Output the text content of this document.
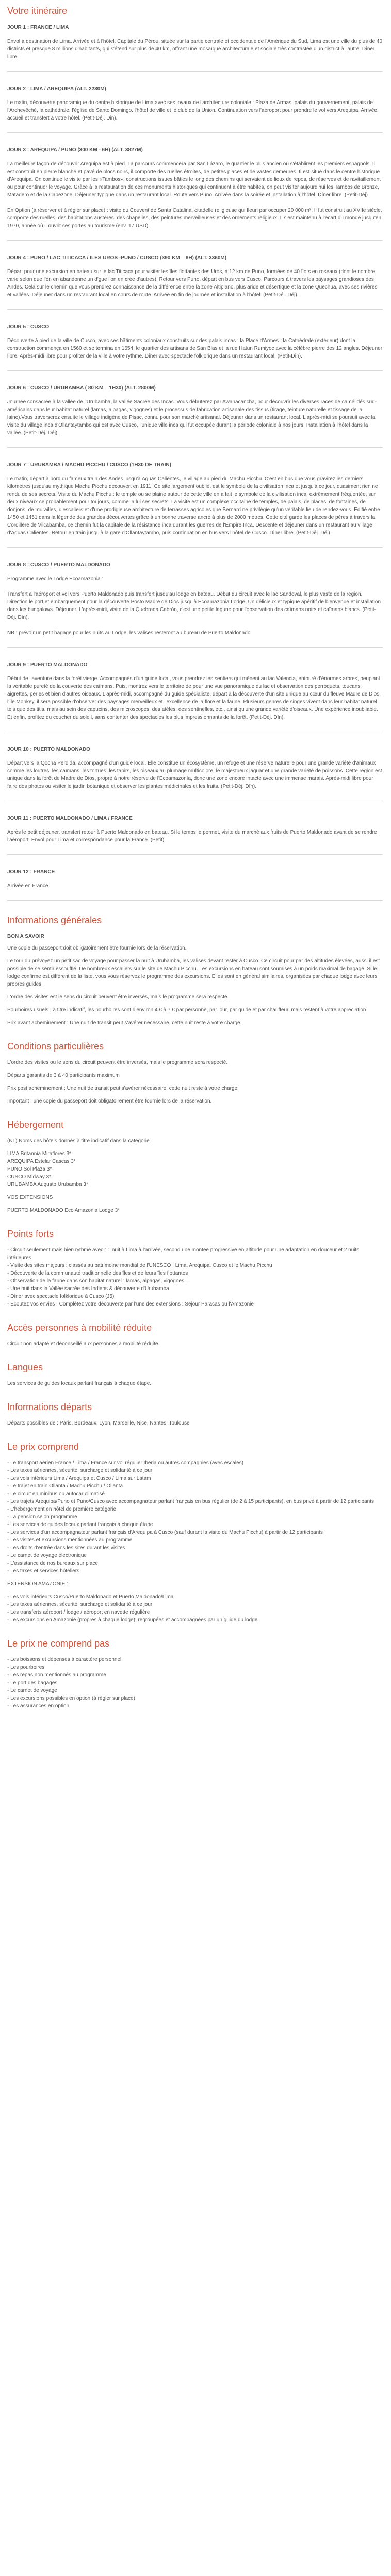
Votre itinéraire
JOUR 1 : FRANCE / LIMA
Envol à destination de Lima. Arrivée et à l'hôtel. Capitale du Pérou, située sur la partie centrale et occidentale de l'Amérique du Sud, Lima est une ville du plus de 40 districts et presque 8 millions d'habitants, qui s'étend sur plus de 40 km, offrant une mosaïque architecturale et sociale très contrastée d'un district à l'autre. Dîner libre.
JOUR 2 : LIMA / AREQUIPA (ALT. 2230M)
Le matin, découverte panoramique du centre historique de Lima avec ses joyaux de l'architecture coloniale : Plaza de Armas, palais du gouvernement, palais de l'Archevêché, la cathédrale, l'église de Santo Domingo. l'hôtel de ville et le club de la Union. Continuation vers l'aéroport pour prendre le vol vers Arequipa. Arrivée, accueil et transfert à votre hôtel. (Petit-Déj. Din).
JOUR 3 : AREQUIPA / PUNO (300 KM - 6H) (ALT. 3827M)
La meilleure façon de découvrir Arequipa est à pied. La parcours commencera par San Lázaro, le quartier le plus ancien où s'établirent les premiers espagnols. Il est construit en pierre blanche et pavé de blocs noirs, il comporte des ruelles étroites, de petites places et de vastes demeures. Il est situé dans le centre historique d'Arequipa. On continue le visite par les «Tambos», constructions issues bâties le long des chemins qui servaient de lieux de repos, de réserves et de ravitaillement ou pour continuer le voyage. Grâce à la restauration de ces monuments historiques qui continuent à être habités, on peut visiter aujourd'hui les Tambos de Bronze, Matadero et de la Cabezone. Déjeuner typique dans un restaurant local. Route vers Puno. Arrivée dans la soirée et installation à l'hôtel. Dîner libre. (Petit-Déj)

En Option (à réserver et à régler sur place) : visite du Couvent de Santa Catalina, citadelle religieuse qui fleuri par occuper 20 000 m². Il fut construit au XVIIe siècle, comporte des ruelles, des habitations austères, des chapelles, des peintures merveilleuses et des ornements religieux. Il s'est maintenu à l'écart du monde jusqu'en 1970, année où il ouvrit ses portes au tourisme (env. 17 USD).
JOUR 4 : PUNO / LAC TITICACA / ILES UROS -PUNO / CUSCO (390 KM – 8H) (ALT. 3360M)
Départ pour une excursion en bateau sur le lac Titicaca pour visiter les îles flottantes des Uros, à 12 km de Puno, formées de 40 îlots en roseaux (dont le nombre varie selon que l'on en abandonne un d'gue l'on en crée d'autres). Retour vers Puno, départ en bus vers Cusco. Parcours à travers les paysages grandioses des Andes. Cela sur le chemin que vous prendrez connaissance de la différence entre la zone Altiplano, plus aride et désertique et la zone Quechua, avec ses rivières et vallées. Déjeuner dans un restaurant local en cours de route. Arrivée en fin de journée et installation à l'hôtel. (Petit-Déj. Déj).
JOUR 5 : CUSCO
Découverte à pied de la ville de Cusco, avec ses bâtiments coloniaux construits sur des palais incas : la Place d'Armes ; la Cathédrale (extérieur) dont la construction commença en 1560 et se termina en 1654, le quartier des artisans de San Blas et la rue Hatun Rumiyoc avec la célèbre pierre des 12 angles. Déjeuner libre. Après-midi libre pour profiter de la ville à votre rythme. Dîner avec spectacle folklorique dans un restaurant local. (Petit-Dîn).
JOUR 6 : CUSCO / URUBAMBA ( 80 KM – 1H30) (ALT. 2800M)
Journée consacrée à la vallée de l'Urubamba, la vallée Sacrée des Incas. Vous débuterez par Awanacancha, pour découvrir les diverses races de camélidés sud-américains dans leur habitat naturel (lamas, alpagas, vigognes) et le processus de fabrication artisanale des tissus (tirage, teinture naturelle et tissage de la laine).Vous traverserez ensuite le village indigène de Pisac, connu pour son marché artisanal. Déjeuner dans un restaurant local. L'après-midi se poursuit avec la visite du village inca d'Ollantaytambo qui est avec Cusco, l'unique ville inca qui fut occupée durant la période coloniale à nos jours. Installation à l'hôtel dans la vallée. (Petit-Déj. Déj).
JOUR 7 : URUBAMBA / MACHU PICCHU / CUSCO (1H30 DE TRAIN)
Le matin, départ à bord du fameux train des Andes jusqu'à Aguas Calientes, le village au pied du Machu Picchu. C'est en bus que vous gravirez les derniers kilomètres jusqu'au mythique Machu Picchu découvert en 1911. Ce site largement oublié, est le symbole de la civilisation inca et jusqu'à ce jour, quasiment rien ne rendu de ses secrets. Visite du Machu Picchu : le temple ou se plaine autour de cette ville en a fait le symbole de la civilisation inca, extrêmement fréquentée, sur deux niveaux ce probablement pour toujours, comme la lui ses secrets. La visite est un complexe occitaine de temples, de palais, de places, de fontaines, de donjons, de murailles, d'escaliers et d'une prodigieuse architecture de terrasses agricoles que Bernard ne privilégie qu'un véritable lieu de rendez-vous. Edifié entre 1450 et 1451 dans la légende des grandes découvertes grâce à un bonne traverse ancré à plus de 2000 mètres. Cette cité garde les places de pères à travers la Cordillère de Vilcabamba, ce chemin fut la capitale de la résistance inca durant les guerres de l'Empire Inca. Descente et déjeuner dans un restaurant au village d'Aguas Calientes. Retour en train jusqu'à la gare d'Ollantaytambo, puis continuation en bus vers l'hôtel de Cusco. Dîner libre. (Petit-Déj. Déj).
JOUR 8 : CUSCO / PUERTO MALDONADO
Programme avec le Lodge Ecoamazonia :

Transfert à l'aéroport et vol vers Puerto Maldonado puis transfert jusqu'au lodge en bateau. Début du circuit avec le lac Sandoval, le plus vaste de la région. Direction le port et embarquement pour la découverte Posto Madre de Dios jusqu'à Ecoamazonia Lodge. Un délicieux et typique apéritif de bienvenue et installation dans les bungalows. Déjeuner. L'après-midi, visite de la Quebrada Cabrón, c'est une petite lagune pour l'observation des caïmans noirs et caïmans blancs. (Petit-Déj. Dîn).

NB : prévoir un petit bagage pour les nuits au Lodge, les valises resteront au bureau de Puerto Maldonado.
JOUR 9 : PUERTO MALDONADO
Début de l'aventure dans la forêt vierge. Accompagnés d'un guide local, vous prendrez les sentiers qui mènent au lac Valencia, entouré d'énormes arbres, peuplant la véritable pureté de la couverte des caïmans. Puis, montrez vers le territoire de pour une vue panoramique du lac et observation des perroquets, toucans, aigrettes, perles et bien d'autres oiseaux. L'après-midi, accompagné du guide spécialiste, départ à la découverte d'un site unique au cœur du fleuve Madre de Dios, l'île Monkey, il sera possible d'observer des paysages merveilleux et l'excellence de la flore et la faune. Plusieurs genres de singes vivent dans leur habitat naturel tels que des titis, mais au sein des capucins, des microscopes, des atèles, des sentinelles, etc., ainsi qu'une grande variété d'oiseaux. Une expérience inoubliable. Et enfin, profitez du coucher du soleil, sans contenter des spectacles les plus impressionnants de la forêt. (Petit-Déj. Dîn).
JOUR 10 : PUERTO MALDONADO
Départ vers la Qocha Perdida, accompagné d'un guide local. Elle constitue un écosystème, un refuge et une réserve naturelle pour une grande variété d'animaux comme les loutres, les caïmans, les tortues, les tapirs, les oiseaux au plumage multicolore, le majestueux jaguar et une grande variété de poissons. Cette région est unique dans la forêt de Madre de Dios, propre à notre réserve de l'Ecoamazonía, donc une zone encore intacte avec une immense marais. Après-midi libre pour faire des photos ou visiter le jardin botanique et observer les plantes médicinales et les fruits. (Petit-Déj. Dîn).
JOUR 11 : PUERTO MALDONADO / LIMA / FRANCE
Après le petit déjeuner, transfert retour à Puerto Maldonado en bateau. Si le temps le permet, visite du marché aux fruits de Puerto Maldonado avant de se rendre l'aéroport. Envol pour Lima et correspondance pour la France. (Petit).
JOUR 12 : FRANCE
Arrivée en France.
Informations générales
BON A SAVOIR

Une copie du passeport doit obligatoirement être fournie lors de la réservation.

Le tour du prévoyez un petit sac de voyage pour passer la nuit à Urubamba, les valises devant rester à Cusco. Ce circuit pour par des altitudes élevées, aussi il est possible de se sentir essoufflé. De nombreux escaliers sur le site de Machu Picchu. Les excursions en bateau sont soumises à un poids maximal de bagage. Si le lodge confirme est différent de la liste, vous vous réservez le programme des excursions. Elles sont en général similaires, organisées par chaque lodge avec leurs propres guides.

L'ordre des visites est le sens du circuit peuvent être inversés, mais le programme sera respecté.

Pourboires usuels : à titre indicatif, les pourboires sont d'environ 4 € à 7 € par personne, par jour, par guide et par chauffeur, mais restent à votre appréciation.

Prix avant acheminement : Une nuit de transit peut s'avérer nécessaire, cette nuit reste à votre charge.

Conditions particulières

L'ordre des visites ou le sens du circuit peuvent être inversés, mais le programme sera respecté.

Départs garantis de 3 à 40 participants maximum

Prix post acheminement : Une nuit de transit peut s'avérer nécessaire, cette nuit reste à votre charge.

Important : une copie du passeport doit obligatoirement être fournie lors de la réservation.

Hébergement

(NL) Noms des hôtels donnés à titre indicatif dans la catégorie

LIMA Britannia Miraflores 3*
AREQUIPA Estelar Cascas 3*
PUNO Sol Plaza 3*
CUSCO Midway 3*
URUBAMBA Augusto Urubamba 3*

VOS EXTENSIONS

PUERTO MALDONADO Eco Amazonia Lodge 3*

Points forts
- Circuit seulement mais bien rythmé avec : 1 nuit à Lima à l'arrivée, second une montée progressive en altitude pour une adaptation en douceur et 2 nuits intérieures
- Visite des sites majeurs : classés au patrimoine mondial de l'UNESCO : Lima, Arequipa, Cusco et le Machu Picchu
- Découverte de la communauté traditionnelle des îles et de leurs îles flottantes
- Observation de la faune dans son habitat naturel : lamas, alpagas, vigognes ...
- Une nuit dans la Vallée sacrée des Indiens & découverte d'Urubamba
- Dîner avec spectacle folklorique à Cusco (J5)
- Ecoutez vos envies ! Complétez votre découverte par l'une des extensions : Séjour Paracas ou l'Amazonie
Accès personnes à mobilité réduite

Circuit non adapté et déconseillé aux personnes à mobilité réduite.

Langues

Les services de guides locaux parlant français à chaque étape.

Informations départs

Départs possibles de : Paris, Bordeaux, Lyon, Marseille, Nice, Nantes, Toulouse

Le prix comprend
- Le transport aérien France / Lima / France sur vol régulier Iberia ou autres compagnies (avec escales)
- Les taxes aériennes, sécurité, surcharge et solidarité à ce jour
- Les vols intérieurs Lima / Arequipa et Cusco / Lima sur Latam
- Le trajet en train Ollanta / Machu Picchu / Ollanta
- Le circuit en minibus ou autocar climatisé
- Les trajets Arequipa/Puno et Puno/Cusco avec accompagnateur parlant français en bus régulier (de 2 à 15 participants), en bus privé à partir de 12 participants
- L'hébergement en hôtel de première catégorie
- La pension selon programme
- Les services de guides locaux parlant français à chaque étape
- Les services d'un accompagnateur parlant français d'Arequipa à Cusco (sauf durant la visite du Machu Picchu) à partir de 12 participants
- Les visites et excursions mentionnées au programme
- Les droits d'entrée dans les sites durant les visites
- Le carnet de voyage électronique
- L'assistance de nos bureaux sur place
- Les taxes et services hôteliers

EXTENSION AMAZONIE :

- Les vols intérieurs Cusco/Puerto Maldonado et Puerto Maldonado/Lima
- Les taxes aériennes, sécurité, surcharge et solidarité à ce jour
- Les transferts aéroport / lodge / aéroport en navette régulière
- Les excursions en Amazonie (propres à chaque lodge), regroupées et accompagnées par un guide du lodge
Le prix ne comprend pas
- Les boissons et dépenses à caractère personnel
- Les pourboires
- Les repas non mentionnés au programme
- Le port des bagages
- Le carnet de voyage
- Les excursions possibles en option (à régler sur place)
- Les assurances en option
